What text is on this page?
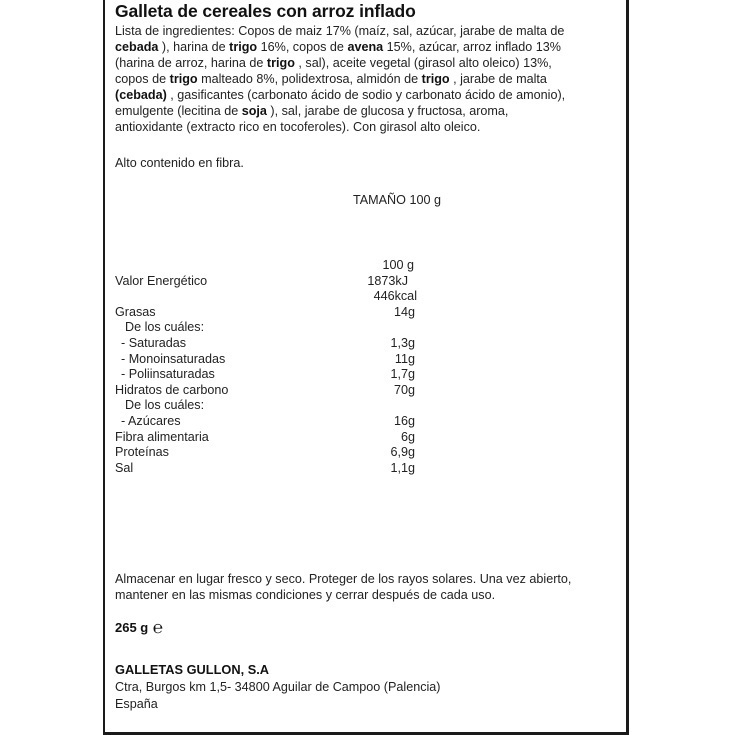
Galleta de cereales con arroz inflado
Lista de ingredientes: Copos de maiz 17% (maíz, sal, azúcar, jarabe de malta de
cebada ), harina de trigo 16%, copos de avena 15%, azúcar, arroz inflado 13%
(harina de arroz, harina de trigo , sal), aceite vegetal (girasol alto oleico) 13%,
copos de trigo malteado 8%, polidextrosa, almidón de trigo , jarabe de malta
(cebada) , gasificantes (carbonato ácido de sodio y carbonato ácido de amonio),
emulgente (lecitina de soja ), sal, jarabe de glucosa y fructosa, aroma,
antioxidante (extracto rico en tocoferoles). Con girasol alto oleico.
Alto contenido en fibra.
TAMAÑO 100 g
100 g
Valor Energético	1873kJ
446kcal
Grasas	14g
De los cuáles:
- Saturadas	1,3g
- Monoinsaturadas	11g
- Poliinsaturadas	1,7g
Hidratos de carbono	70g
De los cuáles:
- Azúcares	16g
Fibra alimentaria	6g
Proteínas	6,9g
Sal	1,1g
Almacenar en lugar fresco y seco. Proteger de los rayos solares. Una vez abierto,
mantener en las mismas condiciones y cerrar después de cada uso.
265 g ℮
GALLETAS GULLON, S.A
Ctra, Burgos km 1,5- 34800 Aguilar de Campoo (Palencia)
España
